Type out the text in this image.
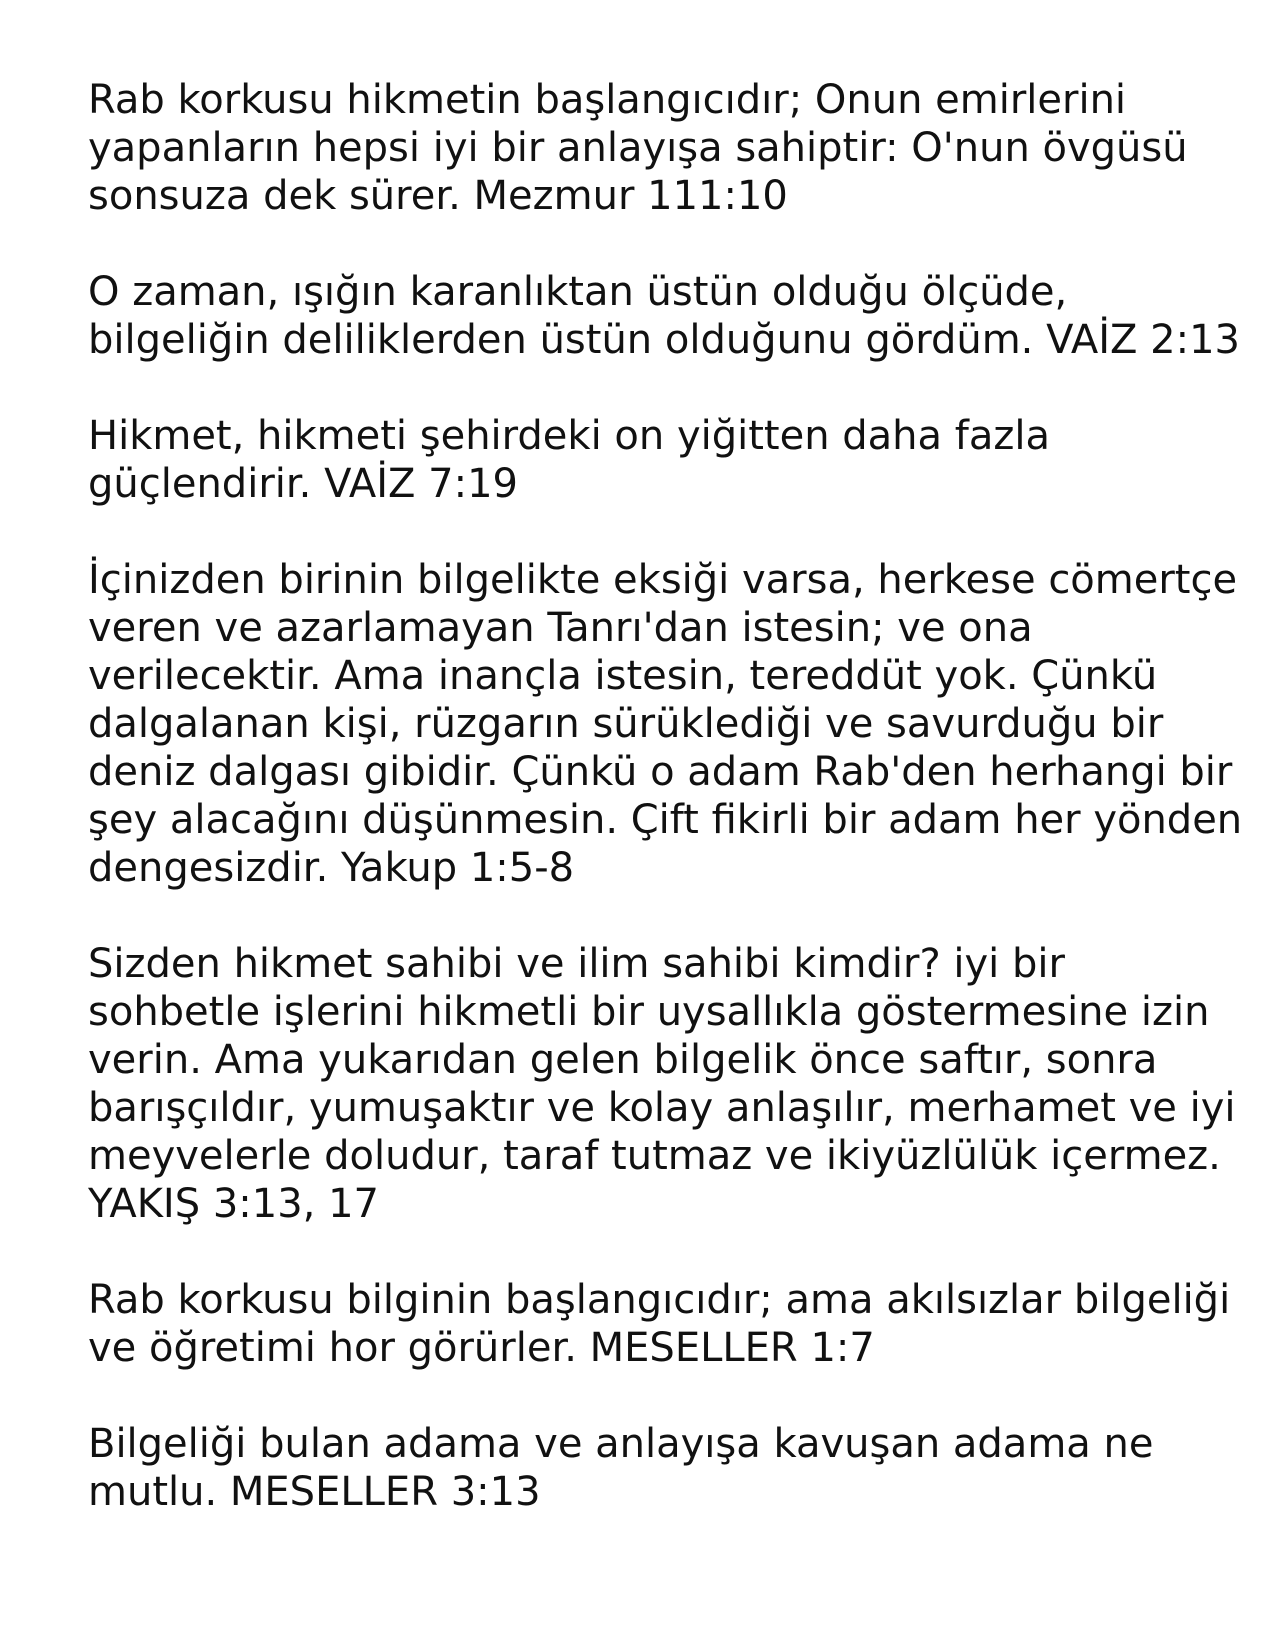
Rab korkusu hikmetin başlangıcıdır; Onun emirlerini
yapanların hepsi iyi bir anlayışa sahiptir: O'nun övgüsü
sonsuza dek sürer. Mezmur 111:10
O zaman, ışığın karanlıktan üstün olduğu ölçüde,
bilgeliğin deliliklerden üstün olduğunu gördüm. VAİZ 2:13
Hikmet, hikmeti şehirdeki on yiğitten daha fazla
güçlendirir. VAİZ 7:19
İçinizden birinin bilgelikte eksiği varsa, herkese cömertçe
veren ve azarlamayan Tanrı'dan istesin; ve ona
verilecektir. Ama inançla istesin, tereddüt yok. Çünkü
dalgalanan kişi, rüzgarın sürüklediği ve savurduğu bir
deniz dalgası gibidir. Çünkü o adam Rab'den herhangi bir
şey alacağını düşünmesin. Çift fikirli bir adam her yönden
dengesizdir. Yakup 1:5-8
Sizden hikmet sahibi ve ilim sahibi kimdir? iyi bir
sohbetle işlerini hikmetli bir uysallıkla göstermesine izin
verin. Ama yukarıdan gelen bilgelik önce saftır, sonra
barışçıldır, yumuşaktır ve kolay anlaşılır, merhamet ve iyi
meyvelerle doludur, taraf tutmaz ve ikiyüzlülük içermez.
YAKIŞ 3:13, 17
Rab korkusu bilginin başlangıcıdır; ama akılsızlar bilgeliği
ve öğretimi hor görürler. MESELLER 1:7
Bilgeliği bulan adama ve anlayışa kavuşan adama ne
mutlu. MESELLER 3:13
